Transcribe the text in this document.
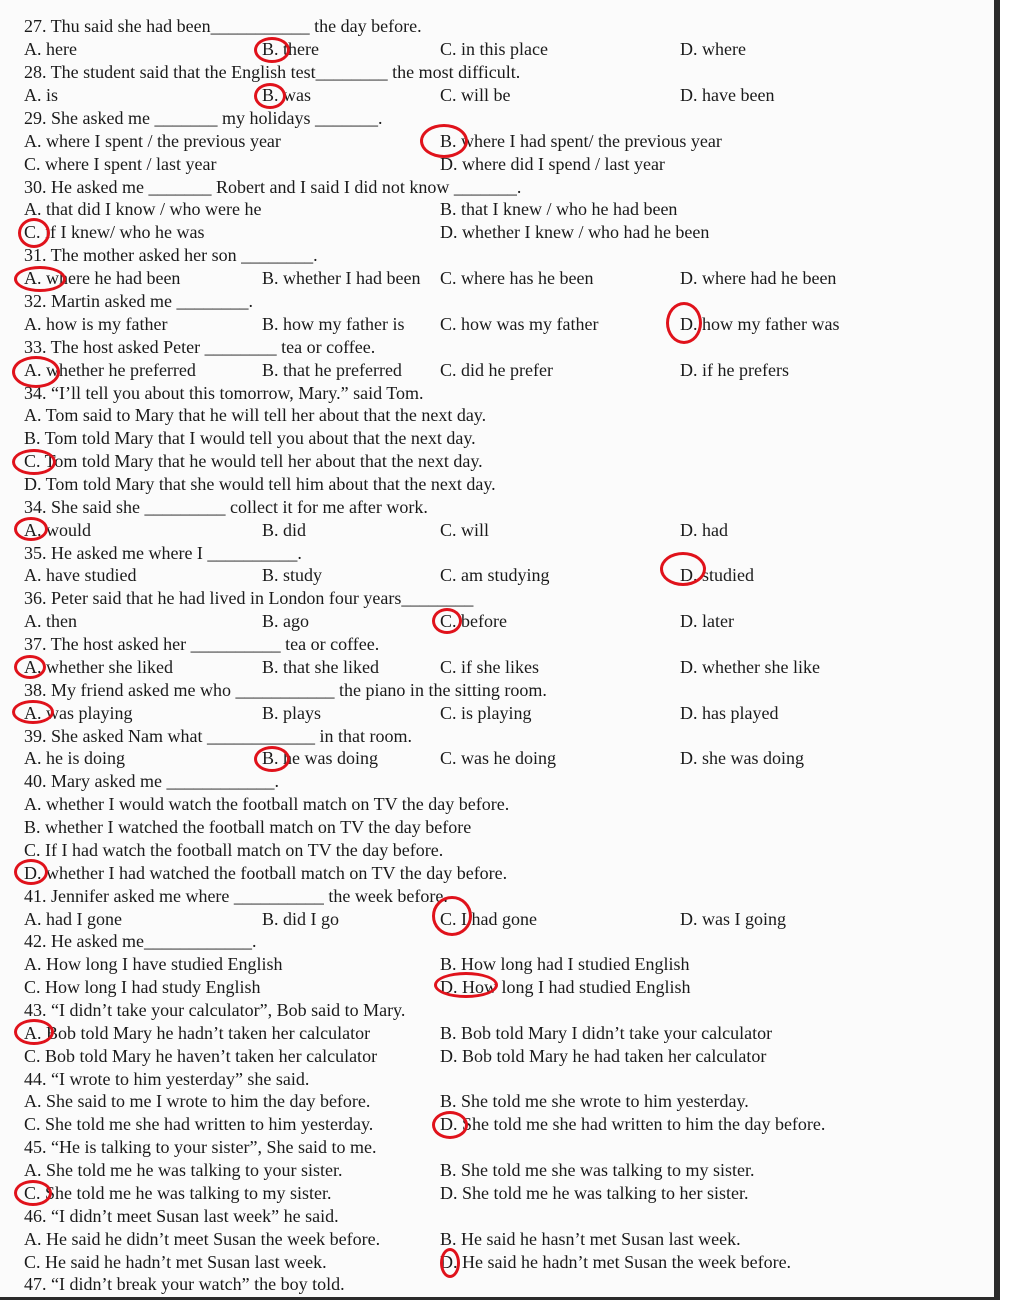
27. Thu said she had been___________ the day before.
A. here	B. there	C. in this place	D. where
28. The student said that the English test________ the most difficult.
A. is	B. was	C. will be	D. have been
29. She asked me _______ my holidays _______.
A. where I spent / the previous year	B. where I had spent/ the previous year
C. where I spent / last year	D. where did I spend / last year
30. He asked me _______ Robert and I said I did not know _______.
A. that did I know / who were he	B. that I knew / who he had been
C. if I knew/ who he was	D. whether I knew / who had he been
31. The mother asked her son ________.
A. where he had been	B. whether I had been C. where has he been	D. where had he been
32. Martin asked me ________.
A. how is my father	B. how my father is C. how was my father	D. how my father was
33. The host asked Peter ________ tea or coffee.
A. whether he preferred	B. that he preferred C. did he prefer	D. if he prefers
34. “I’ll tell you about this tomorrow, Mary.” said Tom.
A. Tom said to Mary that he will tell her about that the next day.
B. Tom told Mary that I would tell you about that the next day.
C. Tom told Mary that he would tell her about that the next day.
D. Tom told Mary that she would tell him about that the next day.
34. She said she _________ collect it for me after work.
A. would	B. did	C. will	D. had
35. He asked me where I __________.
A. have studied	B. study	C. am studying	D. studied
36. Peter said that he had lived in London four years________
A. then	B. ago	C. before	D. later
37. The host asked her __________ tea or coffee.
A. whether she liked	B. that she liked	C. if she likes	D. whether she like
38. My friend asked me who ___________ the piano in the sitting room.
A. was playing	B. plays	C. is playing	D. has played
39. She asked Nam what ____________ in that room.
A. he is doing	B. he was doing	C. was he doing	D. she was doing
40. Mary asked me ____________.
A. whether I would watch the football match on TV the day before.
B. whether I watched the football match on TV the day before
C. If I had watch the football match on TV the day before.
D. whether I had watched the football match on TV the day before.
41. Jennifer asked me where __________ the week before.
A. had I gone	B. did I go	C. I had gone	D. was I going
42. He asked me____________.
A. How long I have studied English	B. How long had I studied English
C. How long I had study English	D. How long I had studied English
43. “I didn’t take your calculator”, Bob said to Mary.
A. Bob told Mary he hadn’t taken her calculator	B. Bob told Mary I didn’t take your calculator
C. Bob told Mary he haven’t taken her calculator	D. Bob told Mary he had taken her calculator
44. “I wrote to him yesterday” she said.
A. She said to me I wrote to him the day before.	B. She told me she wrote to him yesterday.
C. She told me she had written to him yesterday.	D. She told me she had written to him the day before.
45. “He is talking to your sister”, She said to me.
A. She told me he was talking to your sister.	B. She told me she was talking to my sister.
C. She told me he was talking to my sister.	D. She told me he was talking to her sister.
46. “I didn’t meet Susan last week” he said.
A. He said he didn’t meet Susan the week before.	B. He said he hasn’t met Susan last week.
C. He said he hadn’t met Susan last week.	D. He said he hadn’t met Susan the week before.
47. “I didn’t break your watch” the boy told.
